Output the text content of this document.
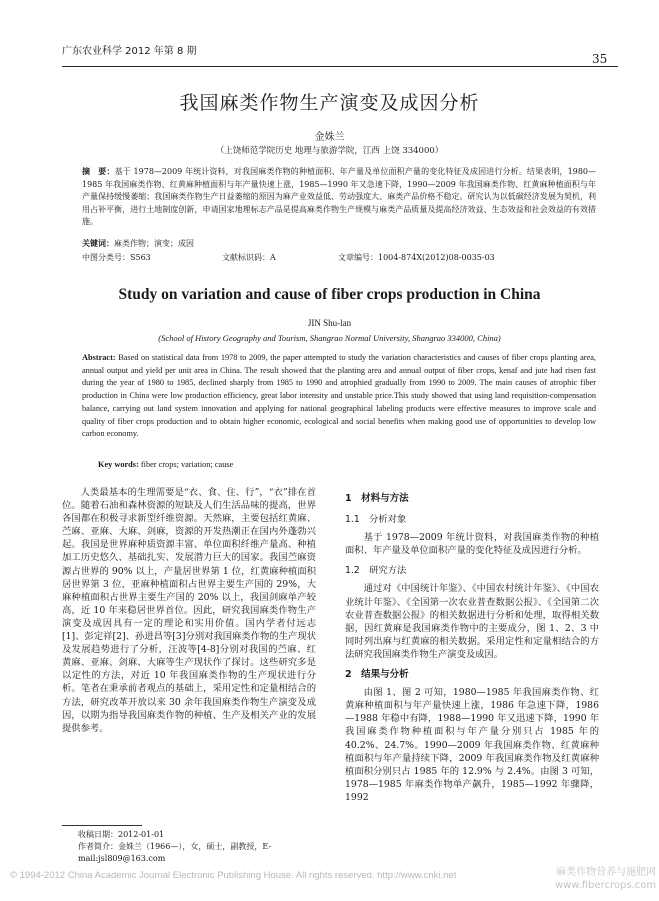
广东农业科学 2012 年第 8 期
35
我国麻类作物生产演变及成因分析
金姝兰
（上饶师范学院历史 地理与旅游学院，江西 上饶 334000）
摘　要：基于 1978—2009 年统计资料，对我国麻类作物的种植面积、年产量及单位面积产量的变化特征及成因进行分析。结果表明，1980—1985 年我国麻类作物、红黄麻种植面积与年产量快速上涨，1985—1990 年又急速下降，1990—2009 年我国麻类作物、红黄麻种植面积与年产量保持缓慢萎缩；我国麻类作物生产日益萎缩的原因为麻产业效益低、劳动强度大、麻类产品价格不稳定。研究认为以低碳经济发展为契机，利用占补平衡，进行土地制度创新，申请国家地理标志产品是提高麻类作物生产规模与麻类产品质量及提高经济效益、生态效益和社会效益的有效措施。
关键词：麻类作物；演变；成因
中图分类号：S563	文献标识码：A	文章编号：1004-874X(2012)08-0035-03
Study on variation and cause of fiber crops production in China
JIN Shu-lan
(School of History Geography and Tourism, Shangrao Normal University, Shangrao 334000, China)
Abstract: Based on statistical data from 1978 to 2009, the paper attempted to study the variation characteristics and causes of fiber crops planting area, annual output and yield per unit area in China. The result showed that the planting area and annual output of fiber crops, kenaf and jute had risen fast during the year of 1980 to 1985, declined sharply from 1985 to 1990 and atrophied gradually from 1990 to 2009. The main causes of atrophic fiber production in China were low production efficiency, great labor intensity and unstable price.This study showed that using land requisition-compensation balance, carrying out land system innovation and applying for national geographical labeling products were effective measures to improve scale and quality of fiber crops production and to obtain higher economic, ecological and social benefits when making good use of opportunities to develop low carbon economy.
Key words: fiber crops; variation; cause

人类最基本的生理需要是“衣、食、住、行”，“衣”排在首位。随着石油和森林资源的短缺及人们生活品味的提高，世界各国都在积极寻求新型纤维资源。天然麻，主要包括红黄麻、苎麻、亚麻、大麻、剑麻，资源的开发热潮正在国内外蓬勃兴起。我国是世界麻种质资源丰富、单位面积纤维产量高、种植加工历史悠久、基础扎实、发展潜力巨大的国家。我国苎麻资源占世界的 90% 以上，产量居世界第 1 位，红黄麻种植面积居世界第 3 位，亚麻种植面积占世界主要生产国的 29%，大麻种植面积占世界主要生产国的 20% 以上，我国剑麻单产较高，近 10 年来稳居世界首位。因此，研究我国麻类作物生产演变及成因具有一定的理论和实用价值。国内学者付远志[1]、彭定祥[2]、孙进昌等[3]分别对我国麻类作物的生产现状及发展趋势进行了分析，汪波等[4-8]分别对我国的苎麻、红黄麻、亚麻、剑麻、大麻等生产现状作了探讨。这些研究多是以定性的方法，对近 10 年我国麻类作物的生产现状进行分析。笔者在秉承前者观点的基础上，采用定性和定量相结合的方法，研究改革开放以来 30 余年我国麻类作物生产演变及成因，以期为指导我国麻类作物的种植、生产及相关产业的发展提供参考。

1　材料与方法

1.1　分析对象

基于 1978—2009 年统计资料，对我国麻类作物的种植面积、年产量及单位面积产量的变化特征及成因进行分析。

1.2　研究方法

通过对《中国统计年鉴》、《中国农村统计年鉴》、《中国农业统计年鉴》、《全国第一次农业普查数据公报》、《全国第二次农业普查数据公报》的相关数据进行分析和处理，取得相关数据，因红黄麻是我国麻类作物中的主要成分，图 1、2、3 中同时列出麻与红黄麻的相关数据。采用定性和定量相结合的方法研究我国麻类作物生产演变及成因。

2　结果与分析

由图 1、图 2 可知，1980—1985 年我国麻类作物、红黄麻种植面积与年产量快速上涨，1986 年急速下降，1986—1988 年稳中有降，1988—1990 年又迅速下降，1990 年我国麻类作物种植面积与年产量分别只占 1985 年的 40.2%、24.7%。1990—2009 年我国麻类作物、红黄麻种植面积与年产量持续下降，2009 年我国麻类作物及红黄麻种植面积分别只占 1985 年的 12.9% 与 2.4%。由图 3 可知，1978—1985 年麻类作物单产飙升，1985—1992 年骤降，1992

收稿日期：2012-01-01
作者简介：金姝兰（1966—），女，硕士，副教授，E-mail:jsl809@163.com
© 1994-2012 China Academic Journal Electronic Publishing House. All rights reserved. http://www.cnki.net	麻类作物营养与施肥网
www.fibercrops.com
